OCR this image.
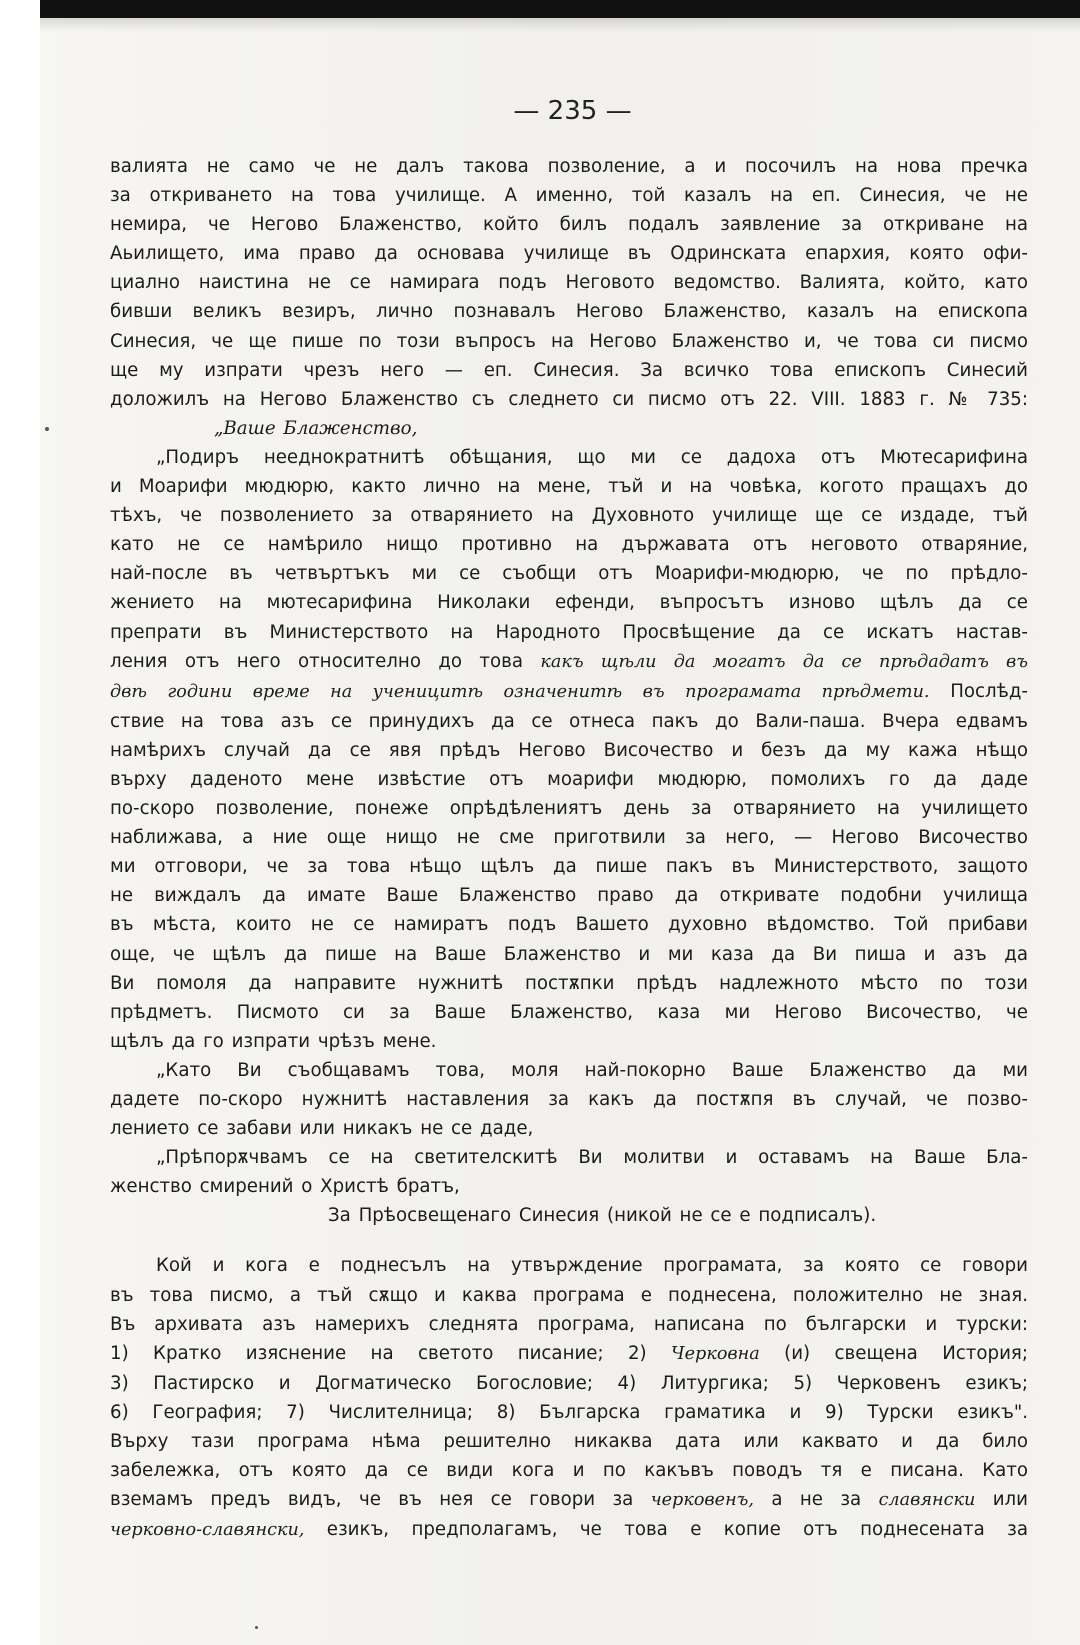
— 235 —

валията не само че не далъ такова позволение, а и посочилъ на нова пречка

за откриването на това училище. А именно, той казалъ на еп. Синесия, че не

немира, че Негово Блаженство, който билъ подалъ заявление за откриване на

Аьилището, има право да основава училище въ Одринската епархия, която офи-

циално наистина не се намираrа подъ Неговото ведомство. Валията, който, като

бивши великъ везиръ, лично познавалъ Негово Блаженство, казалъ на епископа

Синесия, че ще пише по този въпросъ на Негово Блаженство и, че това си писмо

ще му изпрати чрезъ него — еп. Синесия. За всичко това епископъ Синесий

доложилъ на Негово Блаженство съ следнето си писмо отъ 22. VIII. 1883 г. № 735:

„Ваше Блаженство,

„Подиръ нееднократнитѣ обѣщания, що ми се дадоха отъ Мютесарифина

и Моарифи мюдюрю, както лично на мене, тъй и на човѣка, когото пращахъ до

тѣхъ, че позволението за отварянието на Духовното училище ще се издаде, тъй

като не се намѣрило нищо противно на държавата отъ неговото отваряние,

най-после въ четвъртъкъ ми се съобщи отъ Моарифи-мюдюрю, че по прѣдло-

жението на мютесарифина Николаки ефенди, въпросътъ изново щѣлъ да се

препрати въ Министерството на Народното Просвѣщение да се искатъ настав-

ления отъ него относително до това какъ щѣли да могатъ да се прѣдадатъ въ

двѣ години време на ученицитѣ означенитѣ въ програмата прѣдмети. Послѣд-

ствие на това азъ се принудихъ да се отнеса пакъ до Вали-паша. Вчера едвамъ

намѣрихъ случай да се явя прѣдъ Негово Височество и безъ да му кажа нѣщо

върху даденото мене извѣстие отъ моарифи мюдюрю, помолихъ го да даде

по-скоро позволение, понеже опрѣдѣлениятъ день за отварянието на училището

наближава, а ние още нищо не сме приготвили за него, — Негово Височество

ми отговори, че за това нѣщо щѣлъ да пише пакъ въ Министерството, защото

не виждалъ да имате Ваше Блаженство право да откривате подобни училища

въ мѣста, които не се намиратъ подъ Вашето духовно вѣдомство. Той прибави

още, че щѣлъ да пише на Ваше Блаженство и ми каза да Ви пиша и азъ да

Ви помоля да направите нужнитѣ постѫпки прѣдъ надлежното мѣсто по този

прѣдметъ. Писмото си за Ваше Блаженство, каза ми Негово Височество, че

щѣлъ да го изпрати чрѣзъ мене.

„Като Ви съобщавамъ това, моля най-покорно Ваше Блаженство да ми

дадете по-скоро нужнитѣ наставления за какъ да постѫпя въ случай, че позво-

лението се забави или никакъ не се даде,

„Прѣпорѫчвамъ се на светителскитѣ Ви молитви и оставамъ на Ваше Бла-

женство смирений о Христѣ братъ,

За Прѣосвещенаго Синесия (никой не се е подписалъ).

Кой и кога е поднесълъ на утвърждение програмата, за която се говори

въ това писмо, а тъй сѫщо и каква програма е поднесена, положително не зная.

Въ архивата азъ намерихъ следнята програма, написана по български и турски:

1) Кратко изяснение на светото писание; 2) Черковна (и) свещена История;

3) Пастирско и Догматическо Богословие; 4) Литургика; 5) Черковенъ езикъ;

6) География; 7) Числителница; 8) Българска граматика и 9) Турски езикъ".

Върху тази програма нѣма решително никаква дата или каквато и да било

забележка, отъ която да се види кога и по какъвъ поводъ тя е писана. Като

вземамъ предъ видъ, че въ нея се говори за черковенъ, а не за славянски или

черковно-славянски, езикъ, предполагамъ, че това е копие отъ поднесената за
